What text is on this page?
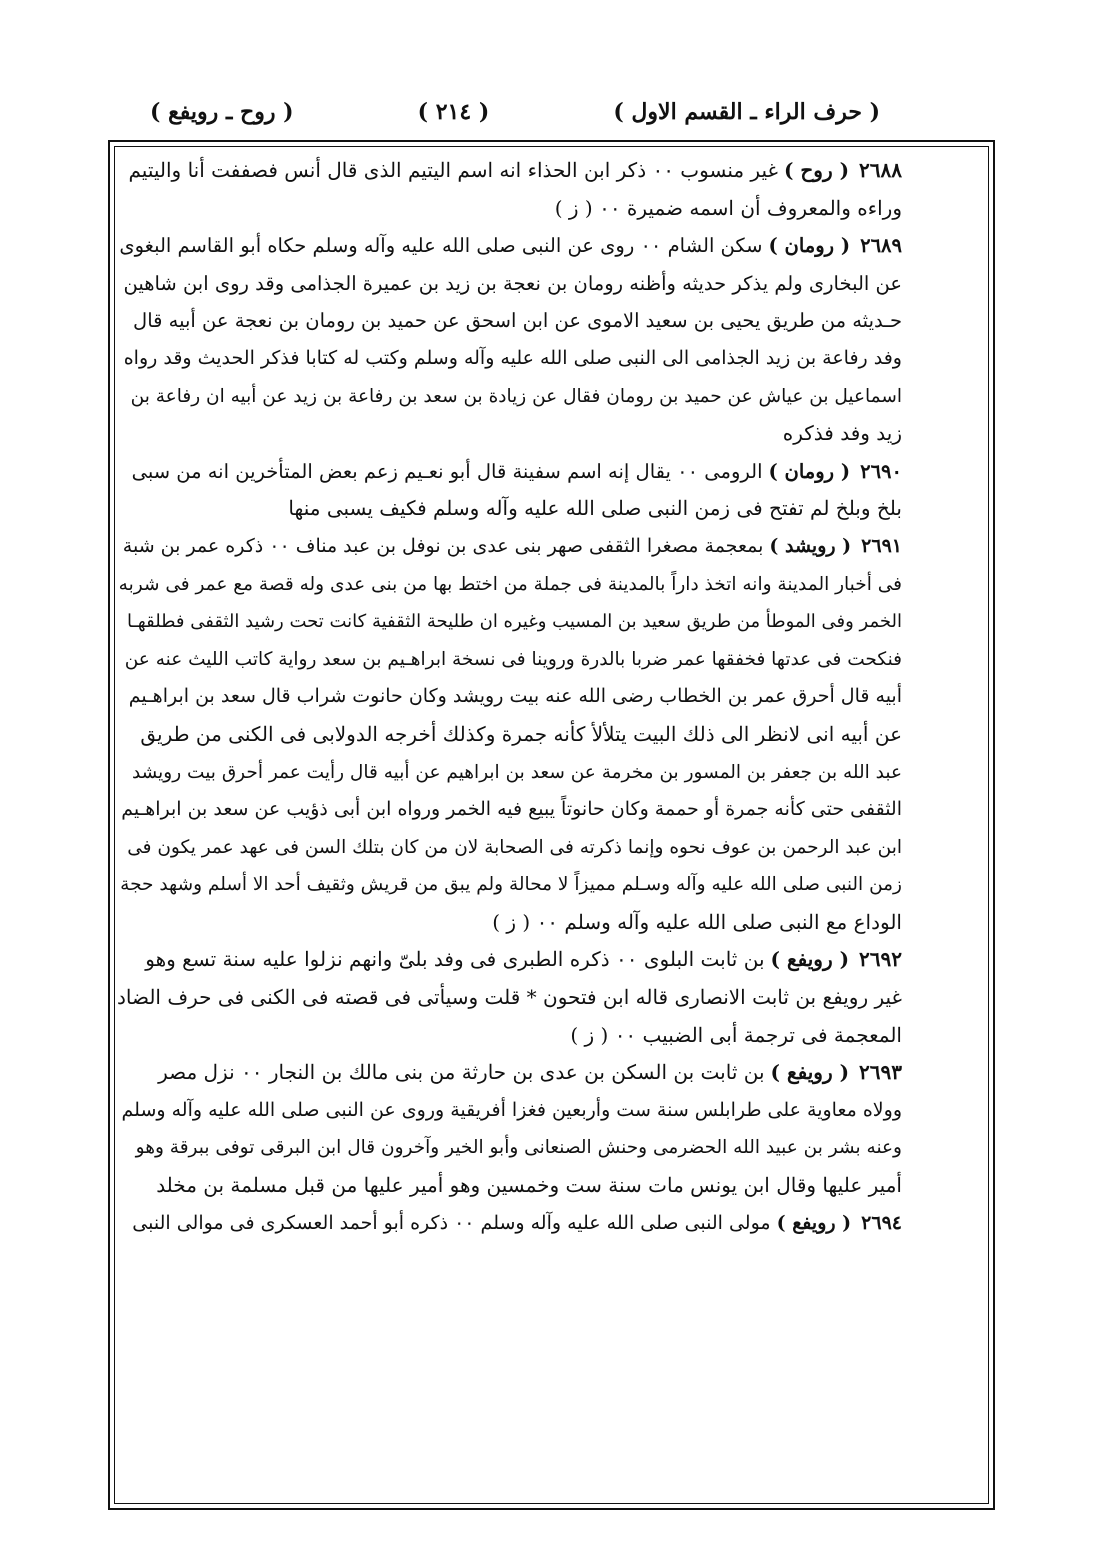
( حرف الراء ـ القسم الاول )
( ٢١٤ )
( روح ـ رويفع )
٢٦٨٨( روح )غير منسوب ٠٠ ذكر ابن الحذاء انه اسم اليتيم الذى قال أنس فصففت أنا واليتيم
وراءه والمعروف أن اسمه ضميرة ٠٠ ( ز )
٢٦٨٩( رومان )سكن الشام ٠٠ روى عن النبى صلى الله عليه وآله وسلم حكاه أبو القاسم البغوى
عن البخارى ولم يذكر حديثه وأظنه رومان بن نعجة بن زيد بن عميرة الجذامى وقد روى ابن شاهين
حـديثه من طريق يحيى بن سعيد الاموى عن ابن اسحق عن حميد بن رومان بن نعجة عن أبيه قال
وفد رفاعة بن زيد الجذامى الى النبى صلى الله عليه وآله وسلم وكتب له كتابا فذكر الحديث وقد رواه
اسماعيل بن عياش عن حميد بن رومان فقال عن زيادة بن سعد بن رفاعة بن زيد عن أبيه ان رفاعة بن
زيد وفد فذكره
٢٦٩٠( رومان )الرومى ٠٠ يقال إنه اسم سفينة قال أبو نعـيم زعم بعض المتأخرين انه من سبى
بلخ وبلخ لم تفتح فى زمن النبى صلى الله عليه وآله وسلم فكيف يسبى منها
٢٦٩١( رويشد )بمعجمة مصغرا الثقفى صهر بنى عدى بن نوفل بن عبد مناف ٠٠ ذكره عمر بن شبة
فى أخبار المدينة وانه اتخذ داراً بالمدينة فى جملة من اختط بها من بنى عدى وله قصة مع عمر فى شربه
الخمر وفى الموطأ من طريق سعيد بن المسيب وغيره ان طليحة الثقفية كانت تحت رشيد الثقفى فطلقهـا
فنكحت فى عدتها فخفقها عمر ضربا بالدرة وروينا فى نسخة ابراهـيم بن سعد رواية كاتب الليث عنه عن
أبيه قال أحرق عمر بن الخطاب رضى الله عنه بيت رويشد وكان حانوت شراب قال سعد بن ابراهـيم
عن أبيه انى لانظر الى ذلك البيت يتلألأ كأنه جمرة وكذلك أخرجه الدولابى فى الكنى من طريق
عبد الله بن جعفر بن المسور بن مخرمة عن سعد بن ابراهيم عن أبيه قال رأيت عمر أحرق بيت رويشد
الثقفى حتى كأنه جمرة أو حممة وكان حانوتاً يبيع فيه الخمر ورواه ابن أبى ذؤيب عن سعد بن ابراهـيم
ابن عبد الرحمن بن عوف نحوه وإنما ذكرته فى الصحابة لان من كان بتلك السن فى عهد عمر يكون فى
زمن النبى صلى الله عليه وآله وسـلم مميزاً لا محالة ولم يبق من قريش وثقيف أحد الا أسلم وشهد حجة
الوداع مع النبى صلى الله عليه وآله وسلم ٠٠ ( ز )
٢٦٩٢( رويفع )بن ثابت البلوى ٠٠ ذكره الطبرى فى وفد بلىّ وانهم نزلوا عليه سنة تسع وهو
غير رويفع بن ثابت الانصارى قاله ابن فتحون * قلت وسيأتى فى قصته فى الكنى فى حرف الضاد
المعجمة فى ترجمة أبى الضبيب ٠٠ ( ز )
٢٦٩٣( رويفع )بن ثابت بن السكن بن عدى بن حارثة من بنى مالك بن النجار ٠٠ نزل مصر
وولاه معاوية على طرابلس سنة ست وأربعين فغزا أفريقية وروى عن النبى صلى الله عليه وآله وسلم
وعنه بشر بن عبيد الله الحضرمى وحنش الصنعانى وأبو الخير وآخرون قال ابن البرقى توفى ببرقة وهو
أمير عليها وقال ابن يونس مات سنة ست وخمسين وهو أمير عليها من قبل مسلمة بن مخلد
٢٦٩٤( رويفع )مولى النبى صلى الله عليه وآله وسلم ٠٠ ذكره أبو أحمد العسكرى فى موالى النبى
